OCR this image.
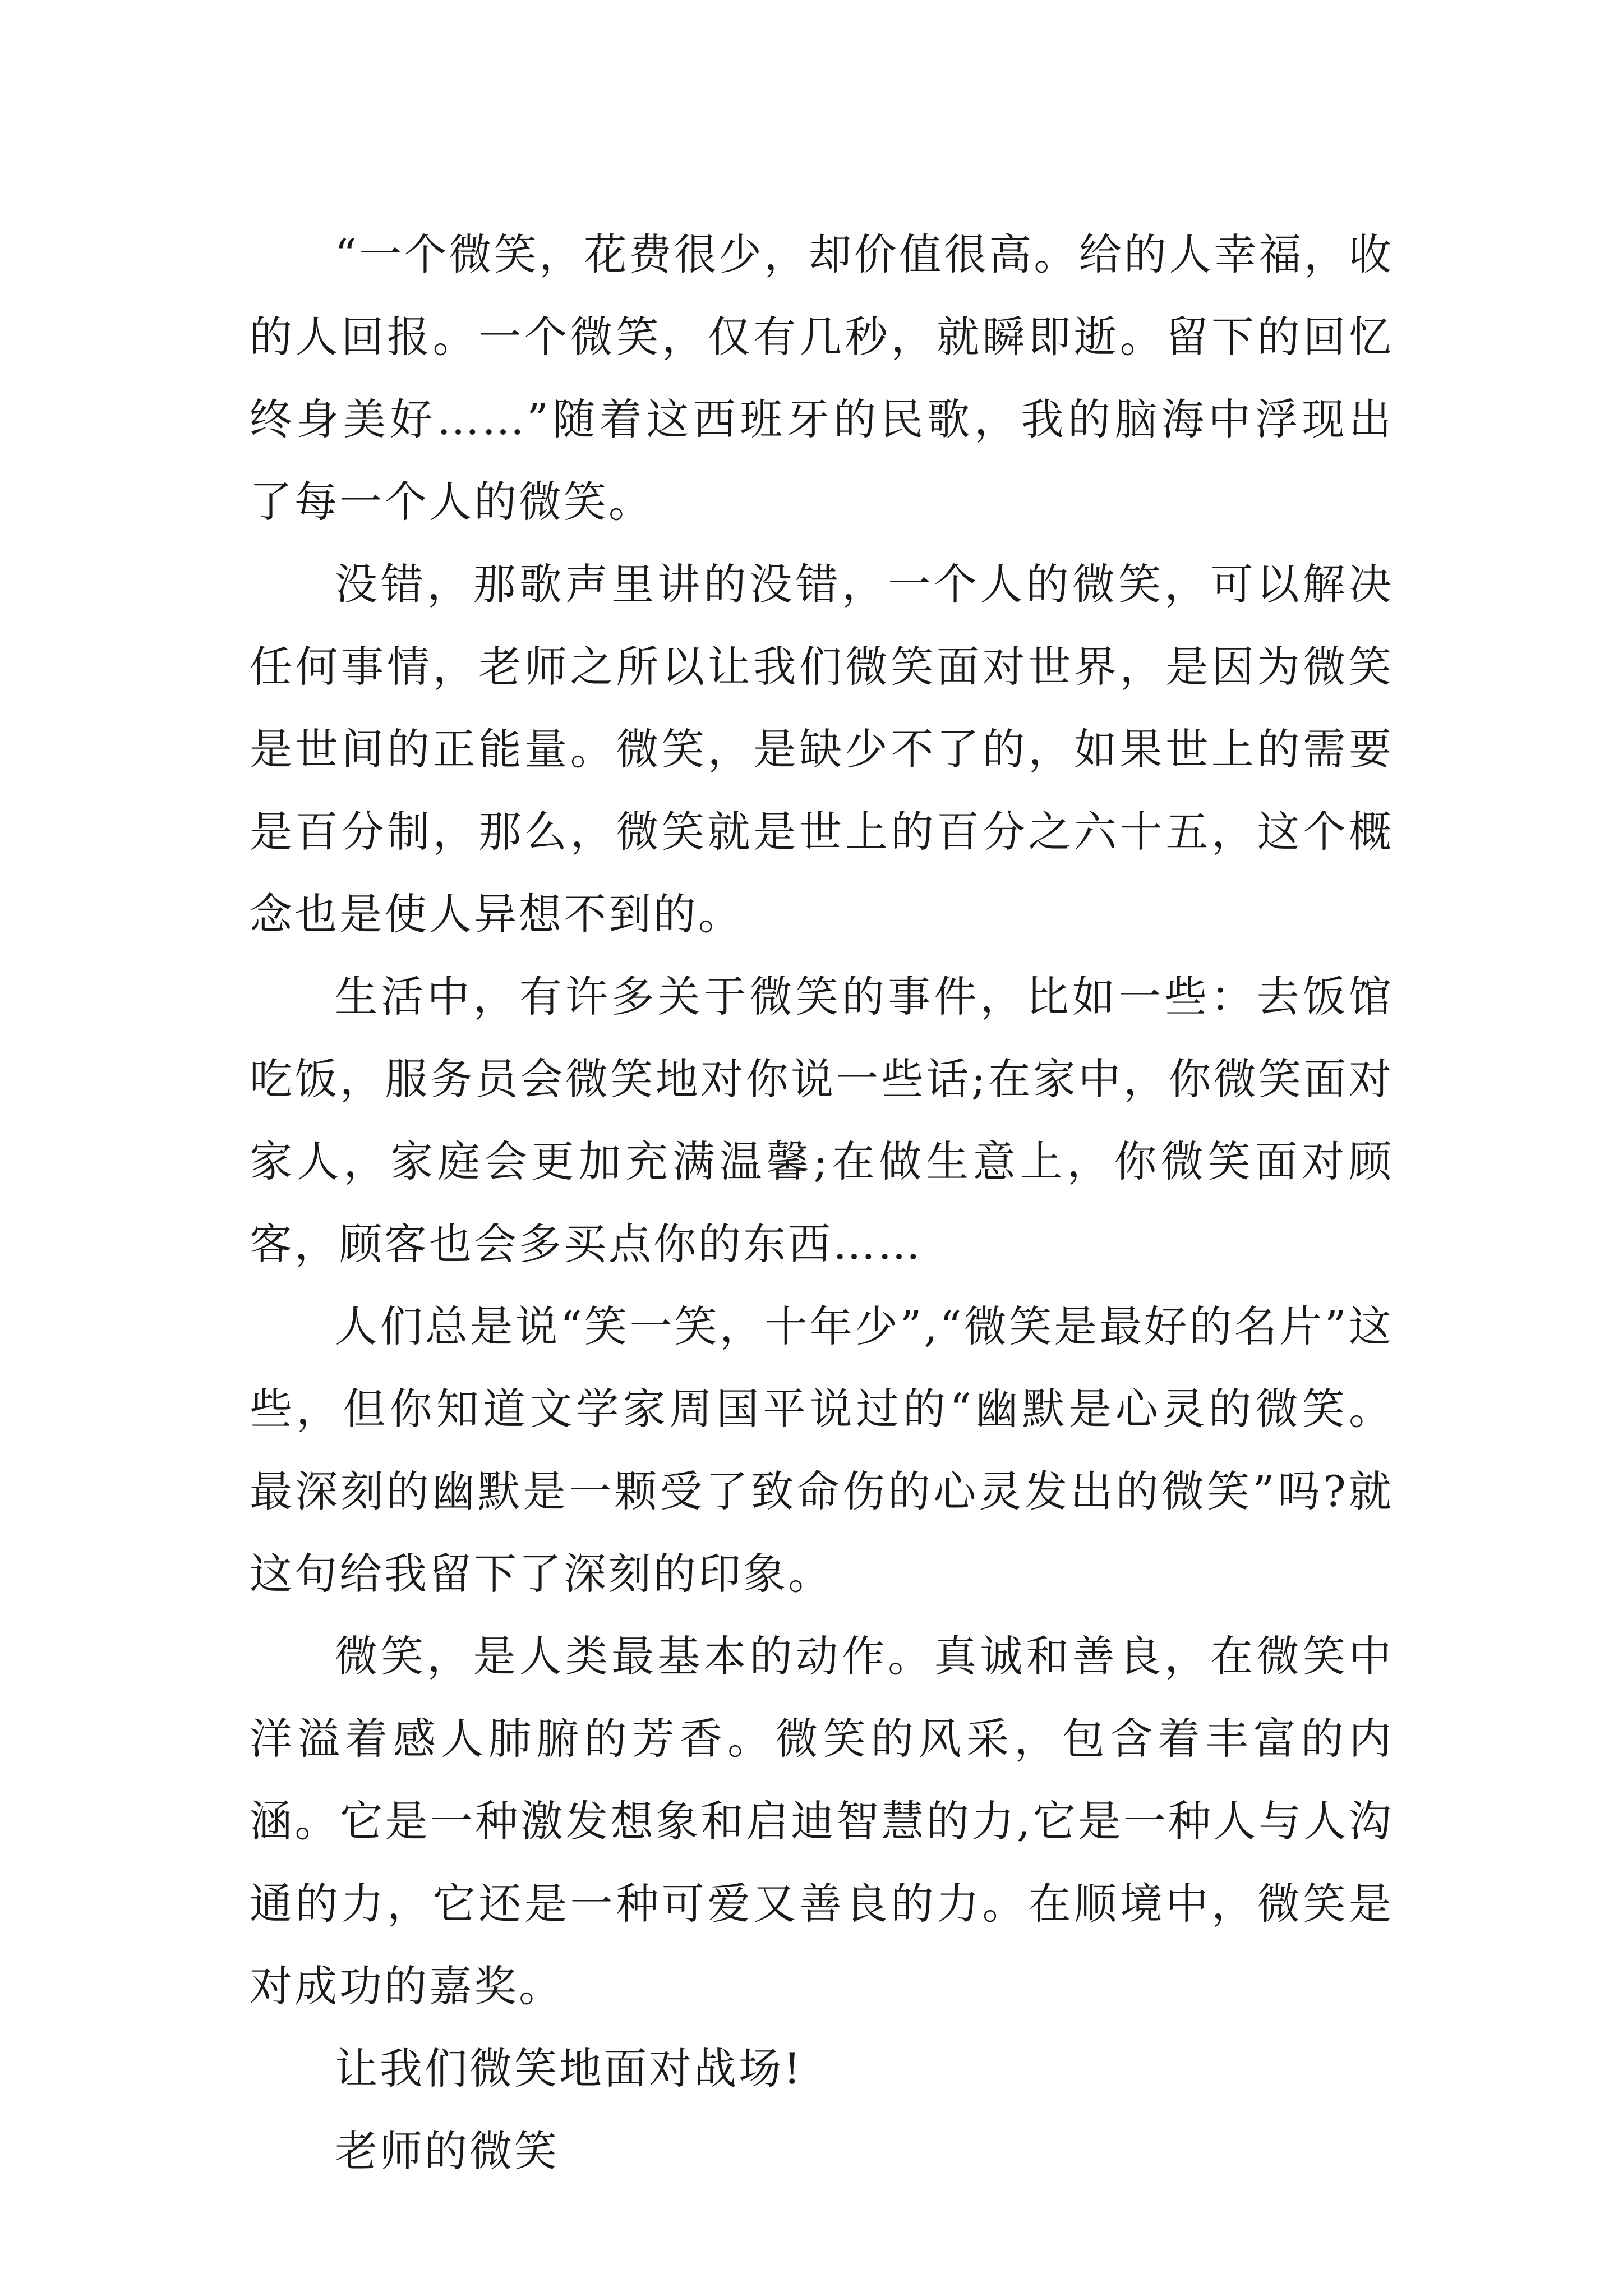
“一个微笑，花费很少，却价值很高。给的人幸福，收的人回报。一个微笑，仅有几秒，就瞬即逝。留下的回忆终身美好……”随着这西班牙的民歌，我的脑海中浮现出了每一个人的微笑。

没错，那歌声里讲的没错，一个人的微笑，可以解决任何事情，老师之所以让我们微笑面对世界，是因为微笑是世间的正能量。微笑，是缺少不了的，如果世上的需要是百分制，那么，微笑就是世上的百分之六十五，这个概念也是使人异想不到的。

生活中，有许多关于微笑的事件，比如一些：去饭馆吃饭，服务员会微笑地对你说一些话;在家中，你微笑面对家人，家庭会更加充满温馨;在做生意上，你微笑面对顾客，顾客也会多买点你的东西……

人们总是说“笑一笑，十年少”,“微笑是最好的名片”这些，但你知道文学家周国平说过的“幽默是心灵的微笑。最深刻的幽默是一颗受了致命伤的心灵发出的微笑”吗?就这句给我留下了深刻的印象。

微笑，是人类最基本的动作。真诚和善良，在微笑中洋溢着感人肺腑的芳香。微笑的风采，包含着丰富的内涵。它是一种激发想象和启迪智慧的力,它是一种人与人沟通的力，它还是一种可爱又善良的力。在顺境中，微笑是对成功的嘉奖。

让我们微笑地面对战场!

老师的微笑
